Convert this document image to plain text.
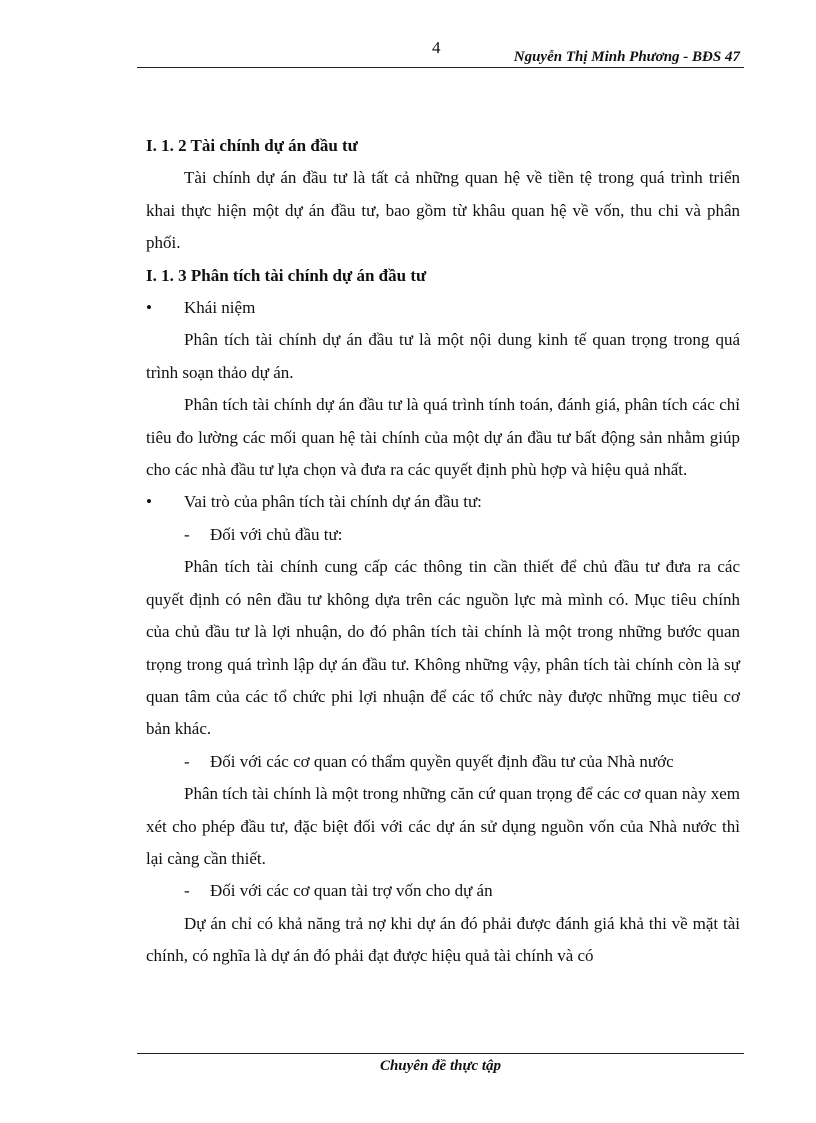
4	Nguyễn Thị Minh Phương - BĐS 47

I. 1. 2 Tài chính dự án đầu tư

Tài chính dự án đầu tư là tất cả những quan hệ về tiền tệ trong quá trình triển khai thực hiện một dự án đầu tư, bao gồm từ khâu quan hệ về vốn, thu chi và phân phối.

I. 1. 3 Phân tích tài chính dự án đầu tư

•	Khái niệm

Phân tích tài chính dự án đầu tư là một nội dung kinh tế quan trọng trong quá trình soạn thảo dự án.

Phân tích tài chính dự án đầu tư là quá trình tính toán, đánh giá, phân tích các chỉ tiêu đo lường các mối quan hệ tài chính của một dự án đầu tư bất động sản nhằm giúp cho các nhà đầu tư lựa chọn và đưa ra các quyết định phù hợp và hiệu quả nhất.

•	Vai trò của phân tích tài chính dự án đầu tư:

- Đối với chủ đầu tư:

Phân tích tài chính cung cấp các thông tin cần thiết để chủ đầu tư đưa ra các quyết định có nên đầu tư không dựa trên các nguồn lực mà mình có. Mục tiêu chính của chủ đầu tư là lợi nhuận, do đó phân tích tài chính là một trong những bước quan trọng trong quá trình lập dự án đầu tư. Không những vậy, phân tích tài chính còn là sự quan tâm của các tổ chức phi lợi nhuận để các tổ chức này được những mục tiêu cơ bản khác.

- Đối với các cơ quan có thẩm quyền quyết định đầu tư của Nhà nước

Phân tích tài chính là một trong những căn cứ quan trọng để các cơ quan này xem xét cho phép đầu tư, đặc biệt đối với các dự án sử dụng nguồn vốn của Nhà nước thì lại càng cần thiết.

- Đối với các cơ quan tài trợ vốn cho dự án

Dự án chỉ có khả năng trả nợ khi dự án đó phải được đánh giá khả thi về mặt tài chính, có nghĩa là dự án đó phải đạt được hiệu quả tài chính và có

Chuyên đề thực tập
